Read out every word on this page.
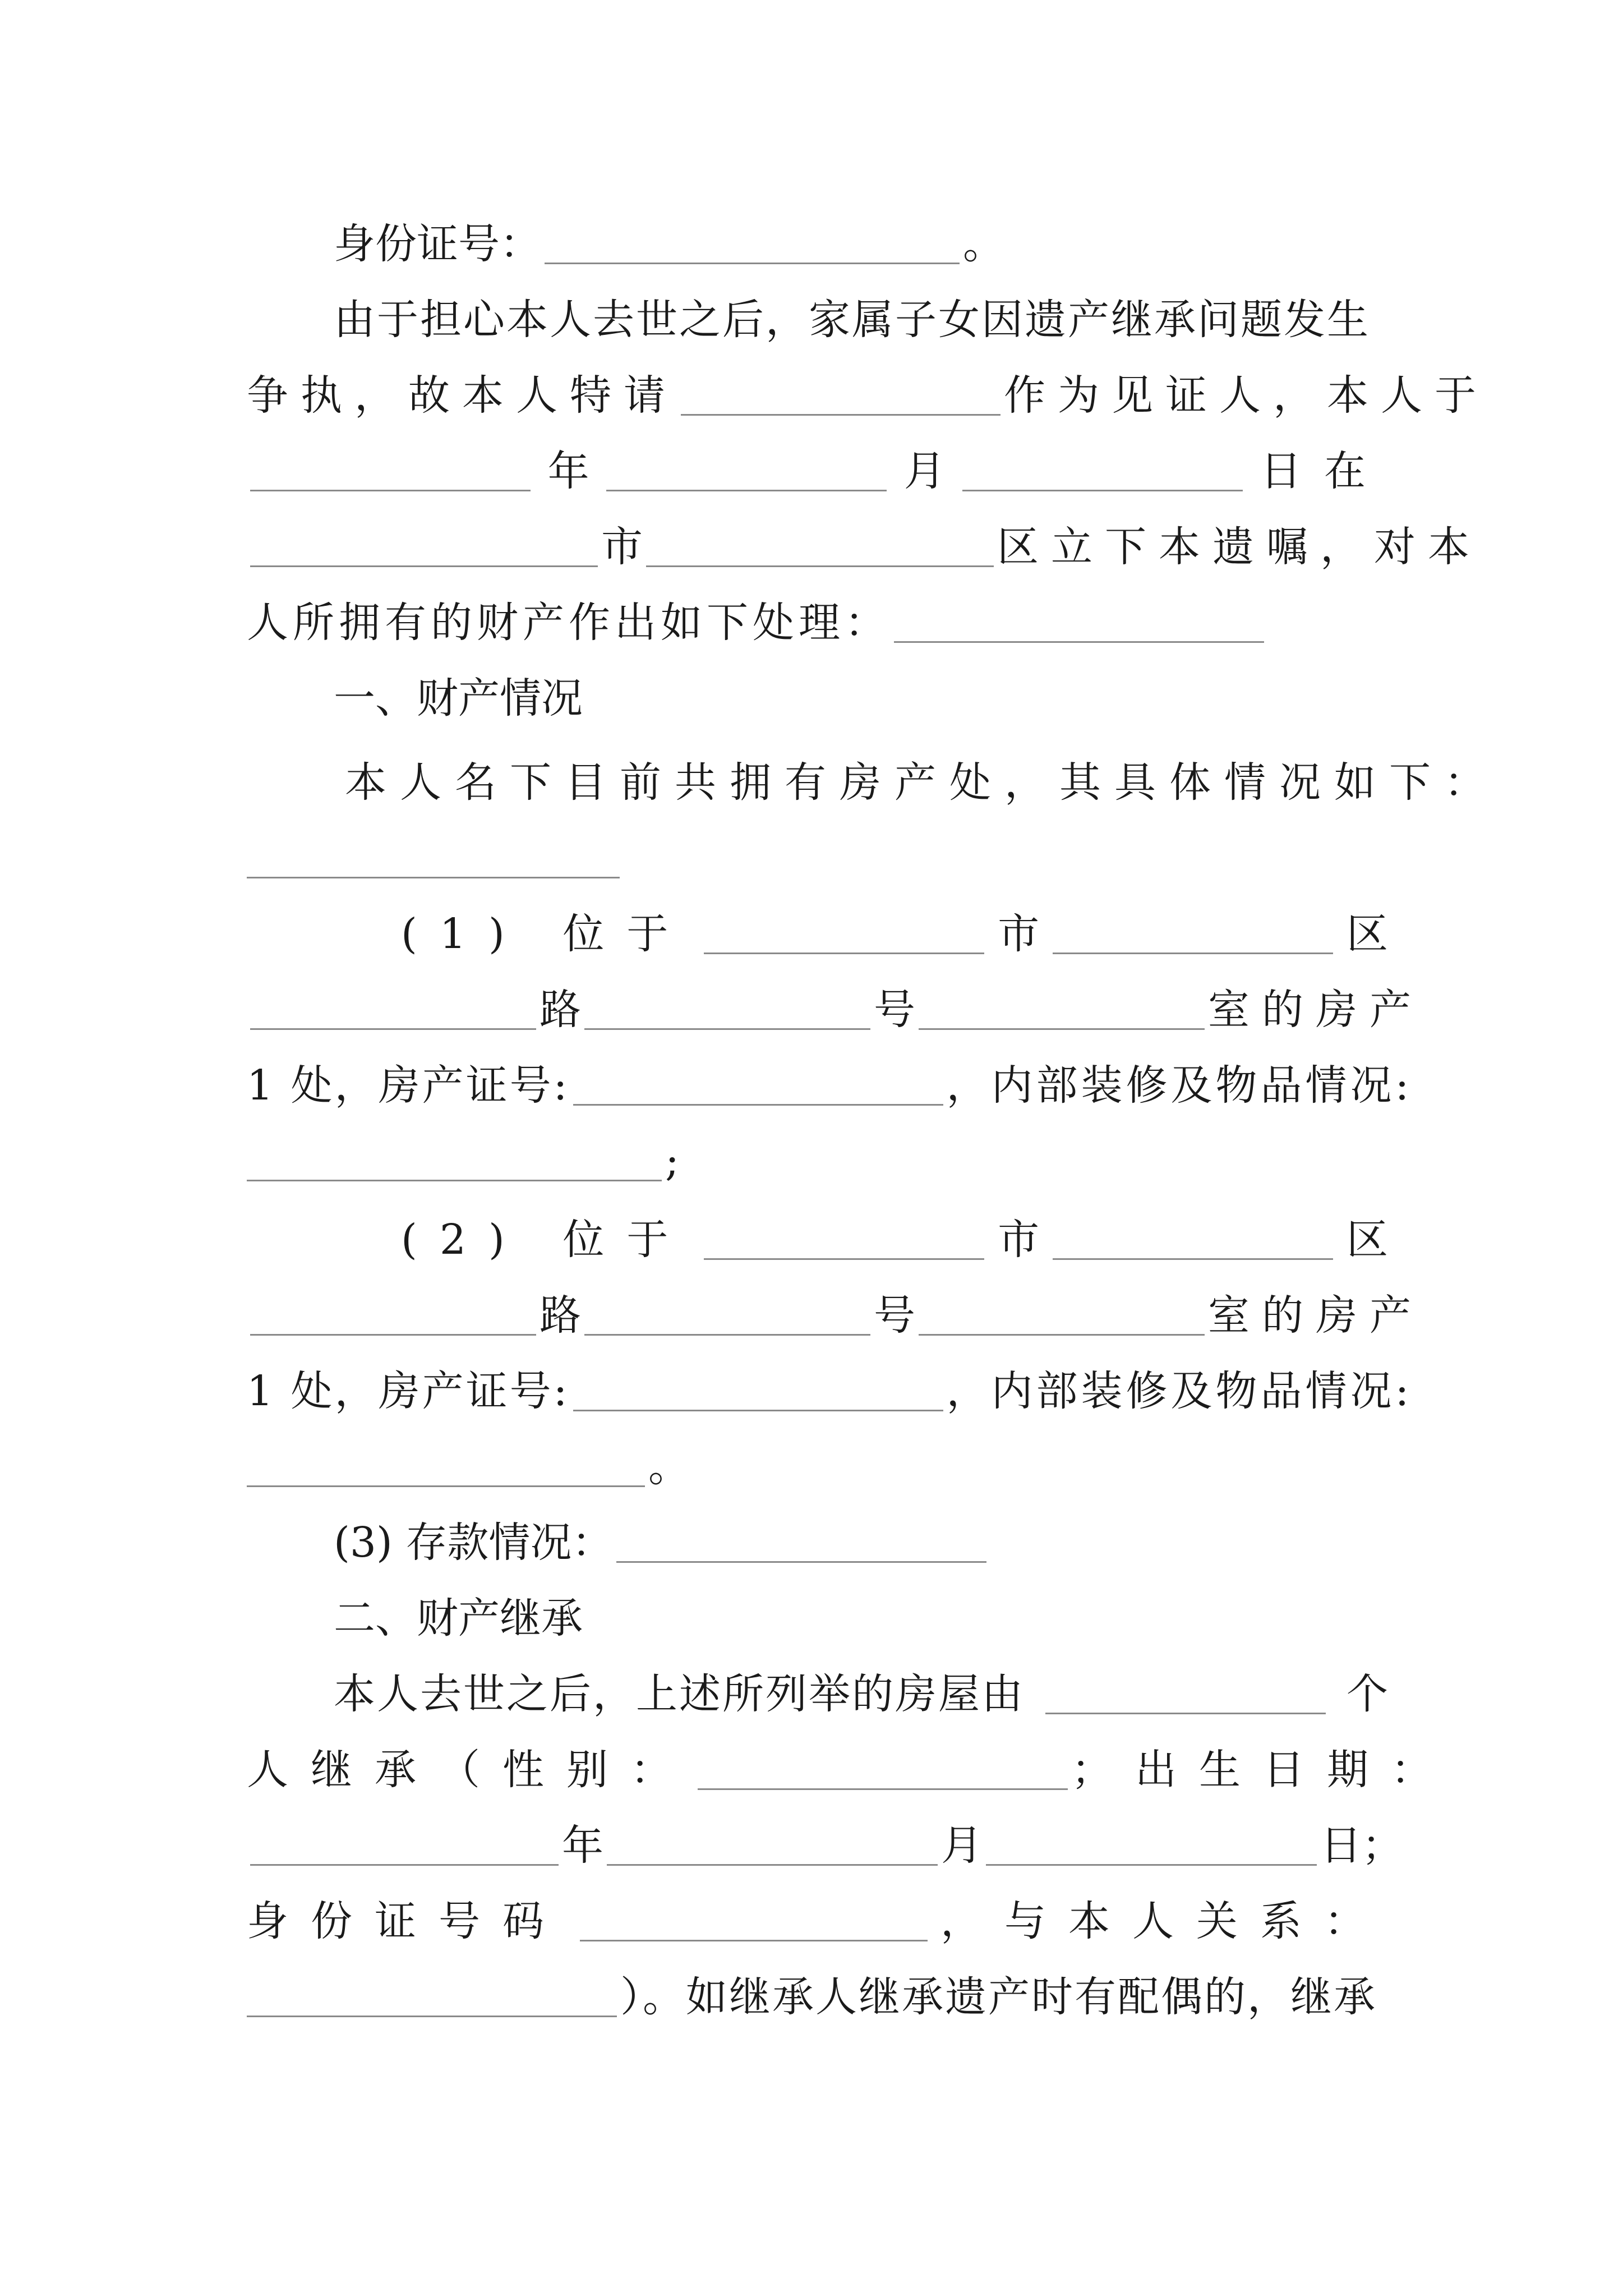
身份证号：	。
由于担心本人去世之后，家属子女因遗产继承问题发生
争执，故本人特请	作为见证人，本人于
年	月	日在
市	区立下本遗嘱，对本
人所拥有的财产作出如下处理：
一、财产情况
本人名下目前共拥有房产处，其具体情况如下：
(1) 位于	市	区
路	号	室的房产
1 处，房产证号:	，内部装修及物品情况:
;
(2) 位于	市	区
路	号	室的房产
1 处，房产证号:	，内部装修及物品情况:
。
(3) 存款情况：
二、财产继承
本人去世之后，上述所列举的房屋由	个
人继承（性别：	；出生日期：
年	月	日；
身份证号码	，与本人关系：
）。如继承人继承遗产时有配偶的，继承
